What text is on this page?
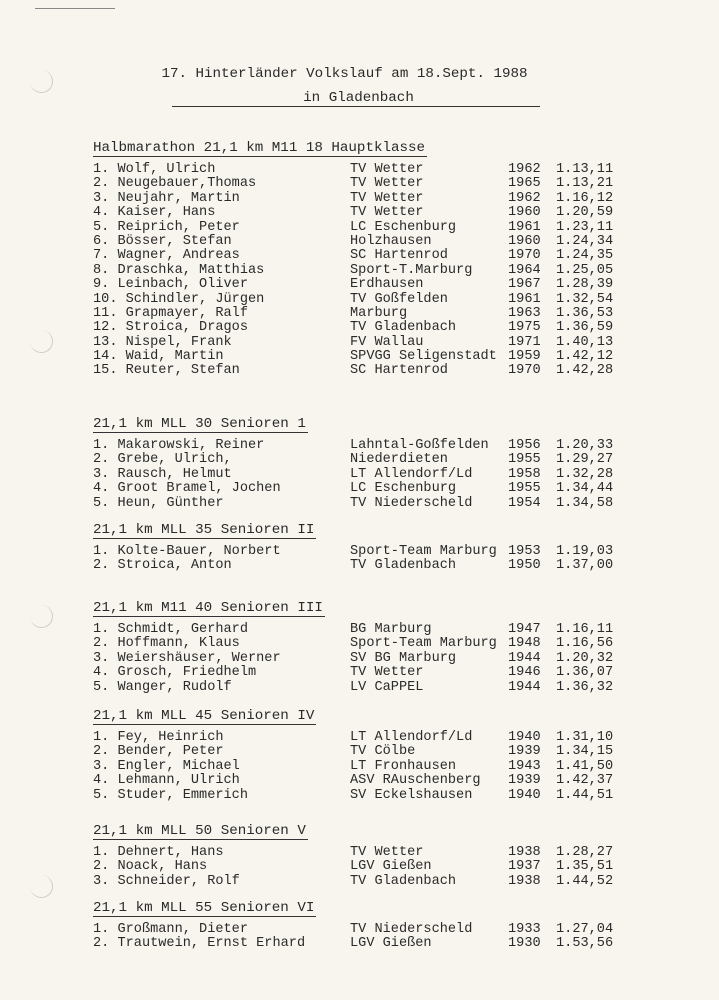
17. Hinterländer Volkslauf am 18.Sept. 1988
in Gladenbach
Halbmarathon 21,1 km M11 18 Hauptklasse
1. Wolf, Ulrich	TV Wetter	1962 1.13,11
2. Neugebauer,Thomas	TV Wetter	1965 1.13,21
3. Neujahr, Martin	TV Wetter	1962 1.16,12
4. Kaiser, Hans	TV Wetter	1960 1.20,59
5. Reiprich, Peter	LC Eschenburg	1961 1.23,11
6. Bösser, Stefan	Holzhausen	1960 1.24,34
7. Wagner, Andreas	SC Hartenrod	1970 1.24,35
8. Draschka, Matthias	Sport-T.Marburg	1964 1.25,05
9. Leinbach, Oliver	Erdhausen	1967 1.28,39
10. Schindler, Jürgen	TV Goßfelden	1961 1.32,54
11. Grapmayer, Ralf	Marburg	1963 1.36,53
12. Stroica, Dragos	TV Gladenbach	1975 1.36,59
13. Nispel, Frank	FV Wallau	1971 1.40,13
14. Waid, Martin	SPVGG Seligenstadt 1959 1.42,12
15. Reuter, Stefan	SC Hartenrod	1970 1.42,28
21,1 km MLL 30 Senioren 1
1. Makarowski, Reiner	Lahntal-Goßfelden 1956 1.20,33
2. Grebe, Ulrich,	Niederdieten	1955 1.29,27
3. Rausch, Helmut	LT Allendorf/Ld	1958 1.32,28
4. Groot Bramel, Jochen	LC Eschenburg	1955 1.34,44
5. Heun, Günther	TV Niederscheld	1954 1.34,58
21,1 km MLL 35 Senioren II
1. Kolte-Bauer, Norbert	Sport-Team Marburg 1953 1.19,03
2. Stroica, Anton	TV Gladenbach	1950 1.37,00
21,1 km M11 40 Senioren III
1. Schmidt, Gerhard	BG Marburg	1947 1.16,11
2. Hoffmann, Klaus	Sport-Team Marburg 1948 1.16,56
3. Weiershäuser, Werner	SV BG Marburg	1944 1.20,32
4. Grosch, Friedhelm	TV Wetter	1946 1.36,07
5. Wanger, Rudolf	LV CaPPEL	1944 1.36,32
21,1 km MLL 45 Senioren IV
1. Fey, Heinrich	LT Allendorf/Ld	1940 1.31,10
2. Bender, Peter	TV Cölbe	1939 1.34,15
3. Engler, Michael	LT Fronhausen	1943 1.41,50
4. Lehmann, Ulrich	ASV RAuschenberg 1939 1.42,37
5. Studer, Emmerich	SV Eckelshausen	1940 1.44,51
21,1 km MLL 50 Senioren V
1. Dehnert, Hans	TV Wetter	1938 1.28,27
2. Noack, Hans	LGV Gießen	1937 1.35,51
3. Schneider, Rolf	TV Gladenbach	1938 1.44,52
21,1 km MLL 55 Senioren VI
1. Großmann, Dieter	TV Niederscheld	1933 1.27,04
2. Trautwein, Ernst Erhard	LGV Gießen	1930 1.53,56
